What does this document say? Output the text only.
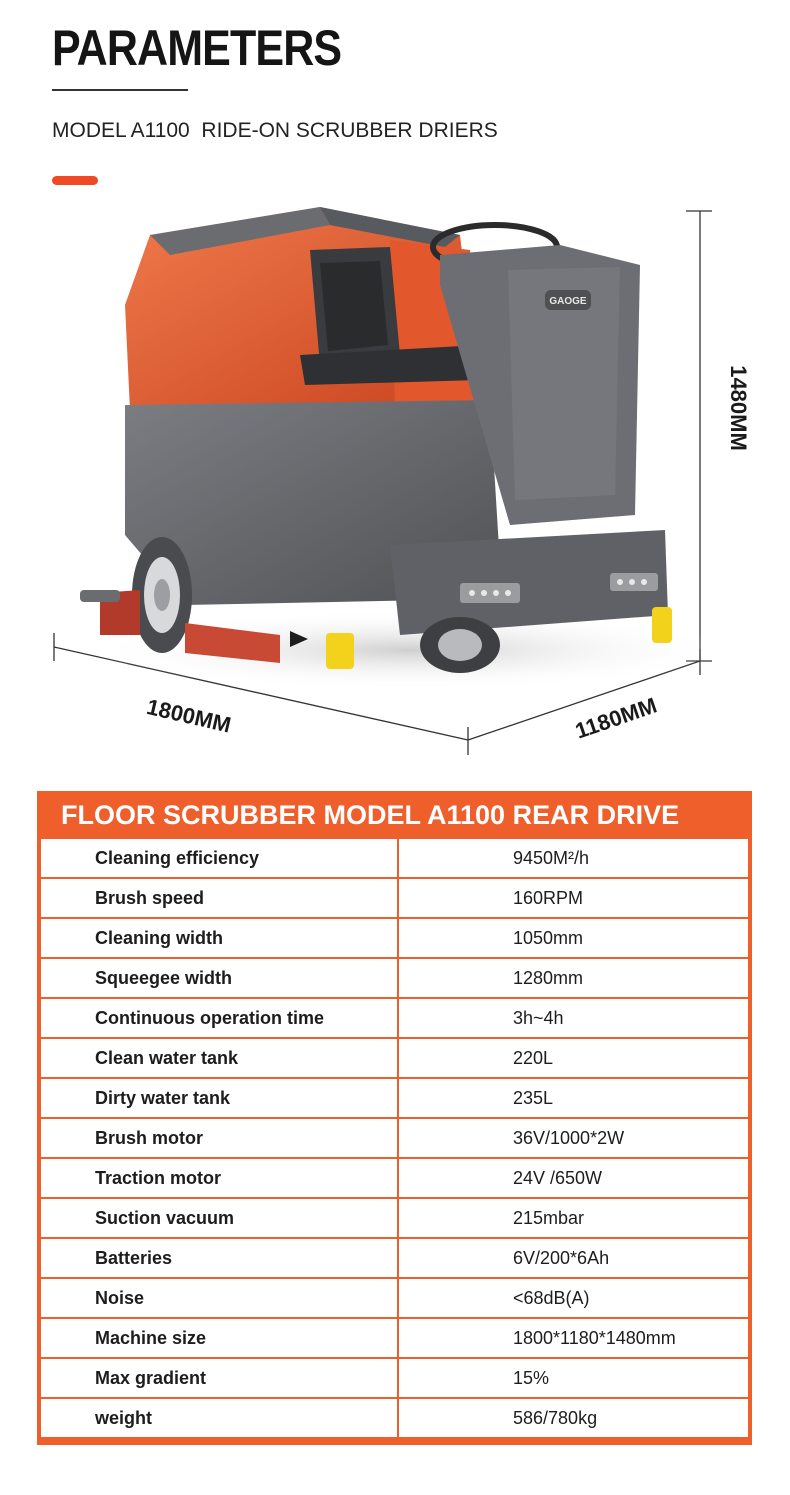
PARAMETERS
MODEL A1100  RIDE-ON SCRUBBER DRIERS
GAOGE
1480MM
1800MM	1180MM
FLOOR SCRUBBER MODEL A1100 REAR DRIVE
Cleaning efficiency	9450M²/h
Brush speed	160RPM
Cleaning width	1050mm
Squeegee width	1280mm
Continuous operation time	3h~4h
Clean water tank	220L
Dirty water tank	235L
Brush motor	36V/1000*2W
Traction motor	24V /650W
Suction vacuum	215mbar
Batteries	6V/200*6Ah
Noise	<68dB(A)
Machine size	1800*1180*1480mm
Max gradient	15%
weight	586/780kg
